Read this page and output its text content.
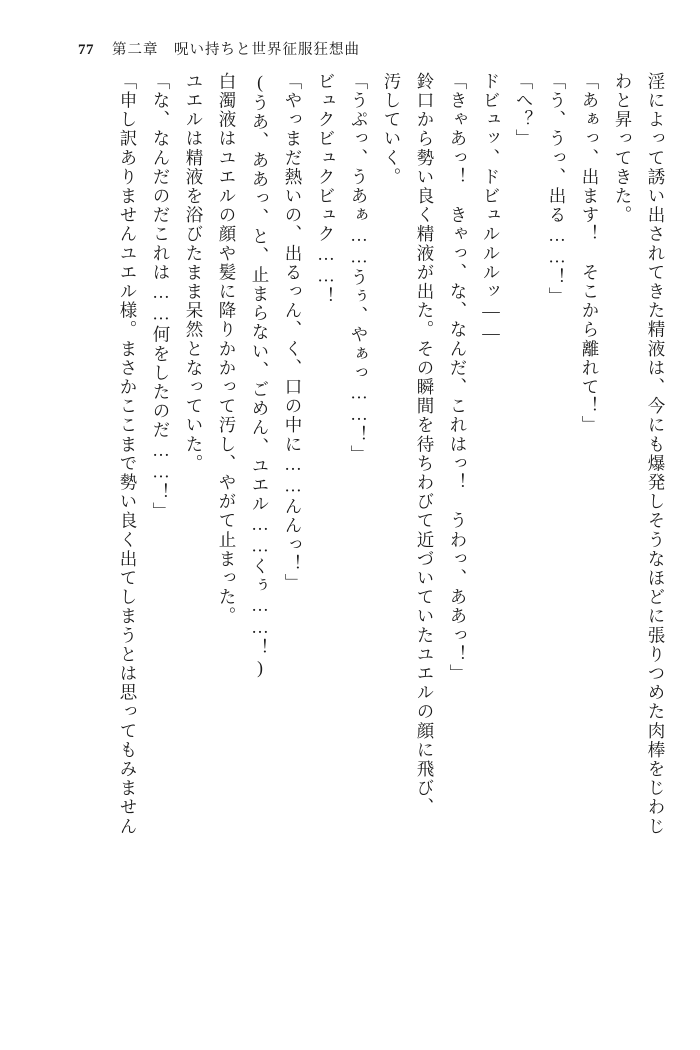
77 第二章　呪い持ちと世界征服狂想曲
淫によって誘い出されてきた精液は、今にも爆発しそうなほどに張りつめた肉棒をじわじ
わと昇ってきた。
「あぁっ、出ます！　そこから離れて！」
「う、うっ、出る……！」
「へ？」
ドビュッ、ドビュルルルッ――
「きゃあっ！　きゃっ、な、なんだ、これはっ！　うわっ、ああっ！」
鈴口から勢い良く精液が出た。その瞬間を待ちわびて近づいていたユエルの顔に飛び、
汚していく。
「うぷっ、うあぁ……うぅ、やぁっ……！」
ビュクビュクビュク……！
「やっまだ熱いの、出るっん、く、口の中に……んんっ！」
(うあ、ああっ、と、止まらない、ごめん、ユエル……くぅ……！)
白濁液はユエルの顔や髪に降りかかって汚し、やがて止まった。
ユエルは精液を浴びたまま呆然となっていた。
「な、なんだのだこれは……何をしたのだ……！」
「申し訳ありませんユエル様。まさかここまで勢い良く出てしまうとは思ってもみません
